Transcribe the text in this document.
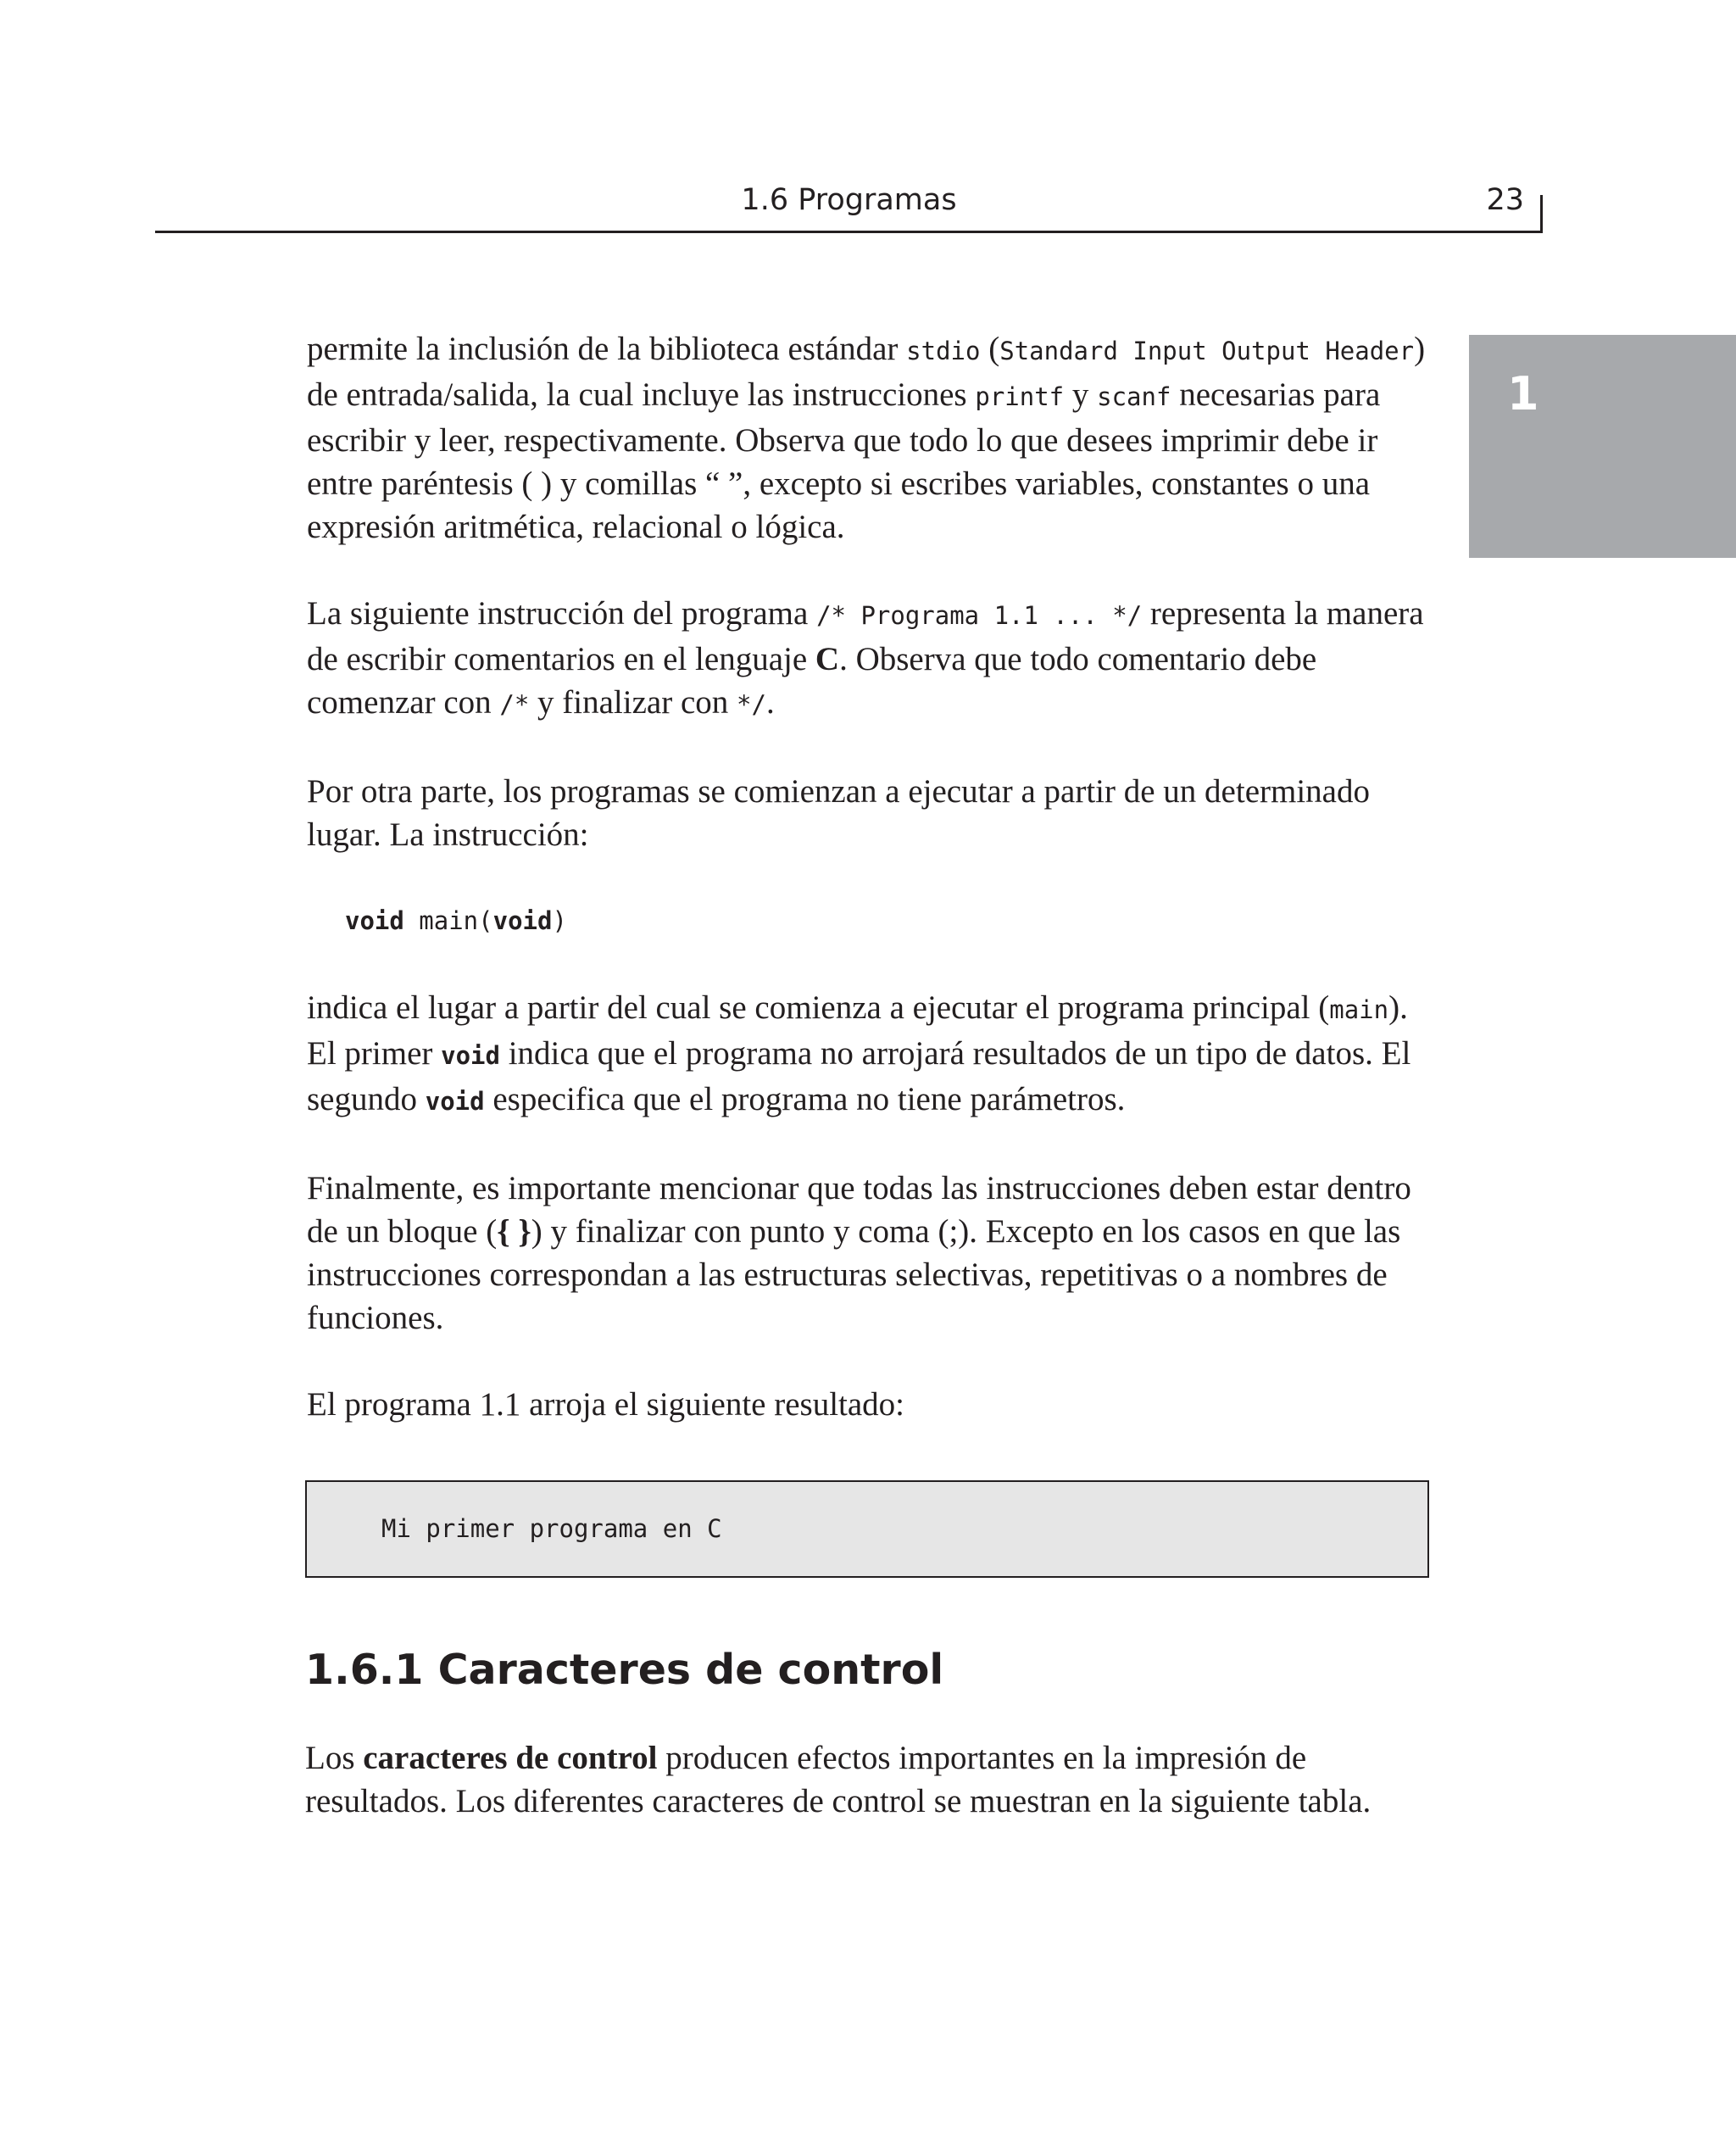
1.6 Programas	23
1

permite la inclusión de la biblioteca estándar stdio (Standard Input Output Header) de entrada/salida, la cual incluye las instrucciones printf y scanf necesarias para escribir y leer, respectivamente. Observa que todo lo que desees imprimir debe ir entre paréntesis ( ) y comillas “ ”, excepto si escribes variables, constantes o una expresión aritmética, relacional o lógica.

La siguiente instrucción del programa /* Programa 1.1 ... */ representa la manera de escribir comentarios en el lenguaje C. Observa que todo comentario debe comenzar con /* y finalizar con */.

Por otra parte, los programas se comienzan a ejecutar a partir de un determinado lugar. La instrucción:

void main(void)

indica el lugar a partir del cual se comienza a ejecutar el programa principal (main). El primer void indica que el programa no arrojará resultados de un tipo de datos. El segundo void especifica que el programa no tiene parámetros.

Finalmente, es importante mencionar que todas las instrucciones deben estar dentro de un bloque ({ }) y finalizar con punto y coma (;). Excepto en los casos en que las instrucciones correspondan a las estructuras selectivas, repetitivas o a nombres de funciones.

El programa 1.1 arroja el siguiente resultado:

Mi primer programa en C
1.6.1 Caracteres de control

Los caracteres de control producen efectos importantes en la impresión de resultados. Los diferentes caracteres de control se muestran en la siguiente tabla.
